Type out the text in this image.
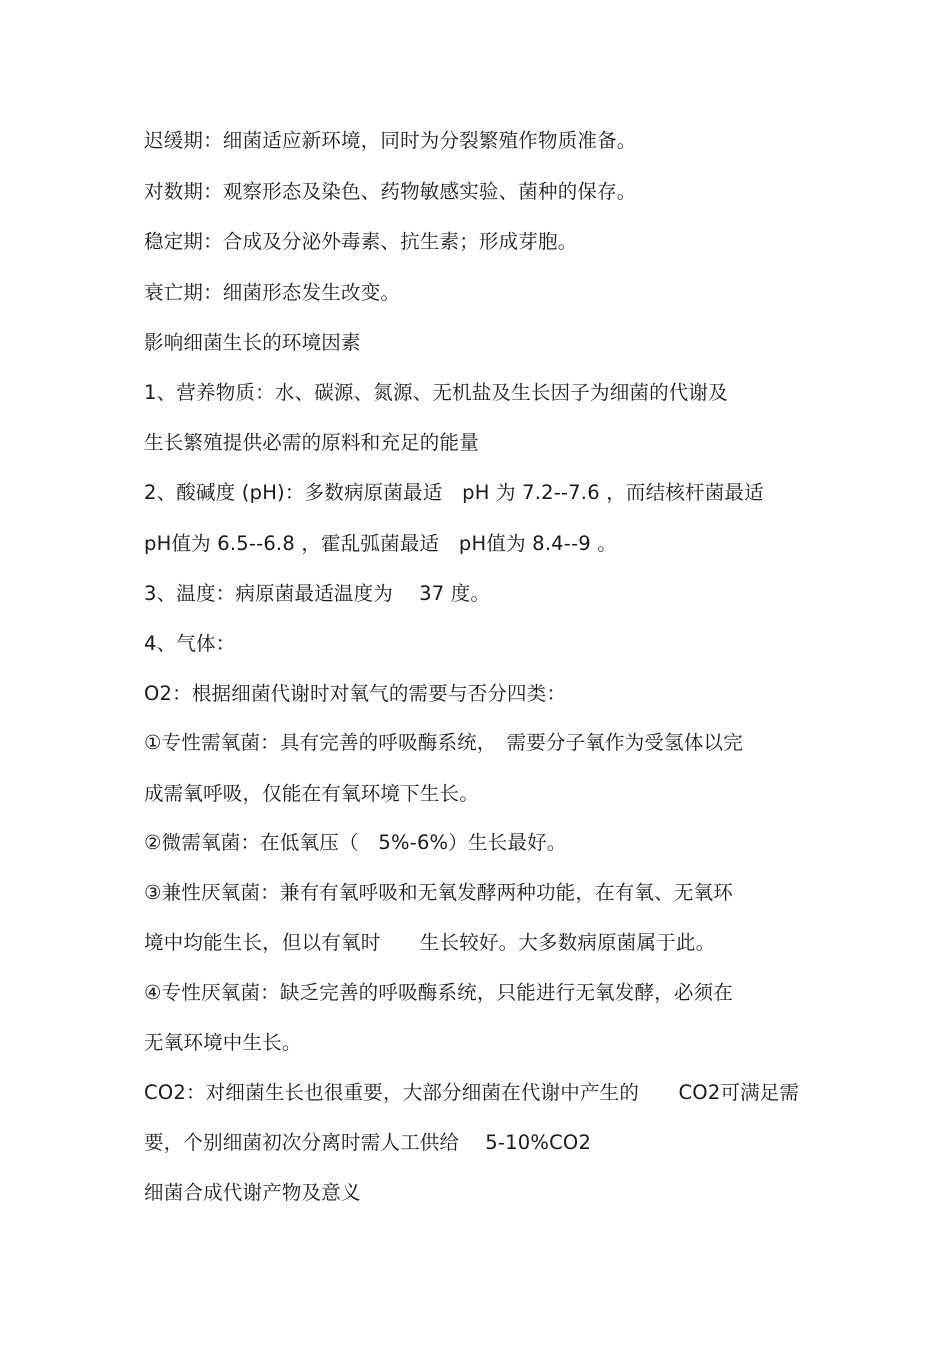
迟缓期：细菌适应新环境，同时为分裂繁殖作物质准备。
对数期：观察形态及染色、药物敏感实验、菌种的保存。
稳定期：合成及分泌外毒素、抗生素；形成芽胞。
衰亡期：细菌形态发生改变。
影响细菌生长的环境因素
1、营养物质：水、碳源、氮源、无机盐及生长因子为细菌的代谢及
生长繁殖提供必需的原料和充足的能量
2、酸碱度 (pH)：多数病原菌最适　pH 为 7.2--7.6 ，而结核杆菌最适
pH值为 6.5--6.8 ，霍乱弧菌最适　pH值为 8.4--9 。
3、温度：病原菌最适温度为　 37 度。
4、气体：
O2：根据细菌代谢时对氧气的需要与否分四类：
①专性需氧菌：具有完善的呼吸酶系统，　需要分子氧作为受氢体以完
成需氧呼吸，仅能在有氧环境下生长。
②微需氧菌：在低氧压（　5%-6%）生长最好。
③兼性厌氧菌：兼有有氧呼吸和无氧发酵两种功能，在有氧、无氧环
境中均能生长，但以有氧时　　生长较好。大多数病原菌属于此。
④专性厌氧菌：缺乏完善的呼吸酶系统，只能进行无氧发酵，必须在
无氧环境中生长。
CO2：对细菌生长也很重要，大部分细菌在代谢中产生的　　CO2可满足需
要，个别细菌初次分离时需人工供给　 5-10%CO2
细菌合成代谢产物及意义
